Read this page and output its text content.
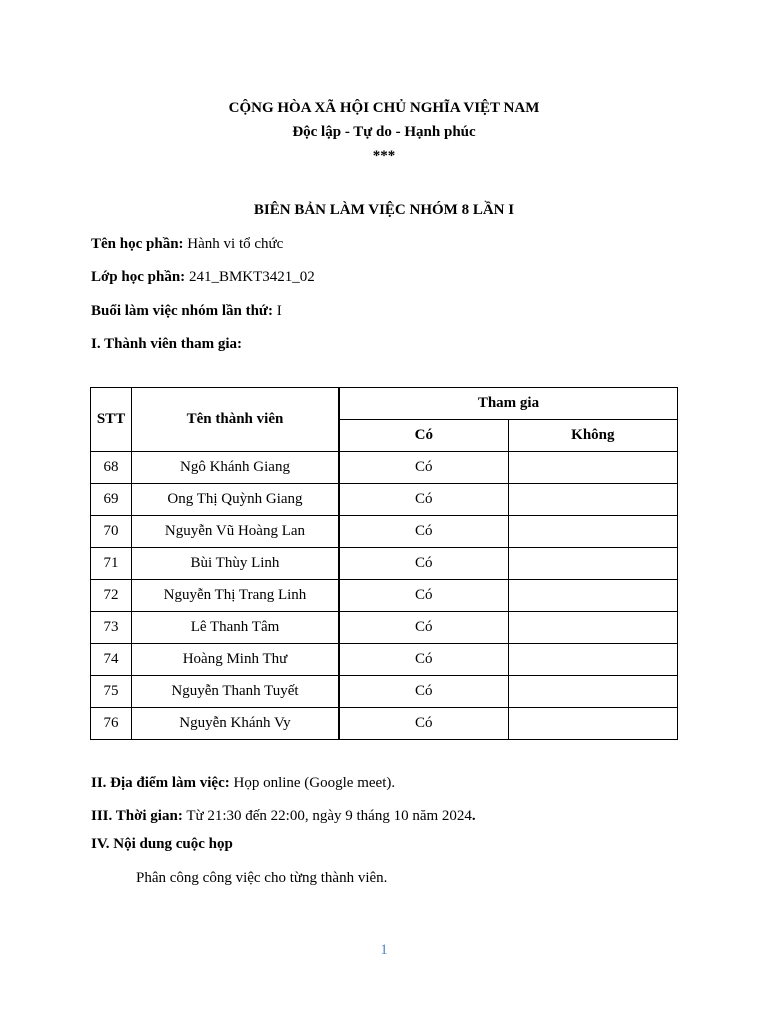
CỘNG HÒA XÃ HỘI CHỦ NGHĨA VIỆT NAM
Độc lập - Tự do - Hạnh phúc
***
BIÊN BẢN LÀM VIỆC NHÓM 8 LẦN I
Tên học phần: Hành vi tổ chức
Lớp học phần: 241_BMKT3421_02
Buổi làm việc nhóm lần thứ: I
I. Thành viên tham gia:
STT	Tên thành viên	Tham gia	
		Có	Không
68	Ngô Khánh Giang	Có	
69	Ong Thị Quỳnh Giang	Có	
70	Nguyễn Vũ Hoàng Lan	Có	
71	Bùi Thùy Linh	Có	
72	Nguyễn Thị Trang Linh	Có	
73	Lê Thanh Tâm	Có	
74	Hoàng Minh Thư	Có	
75	Nguyễn Thanh Tuyết	Có	
76	Nguyễn Khánh Vy	Có	
II. Địa điểm làm việc: Họp online (Google meet).
III. Thời gian: Từ 21:30 đến 22:00, ngày 9 tháng 10 năm 2024.
IV. Nội dung cuộc họp
Phân công công việc cho từng thành viên.
1
